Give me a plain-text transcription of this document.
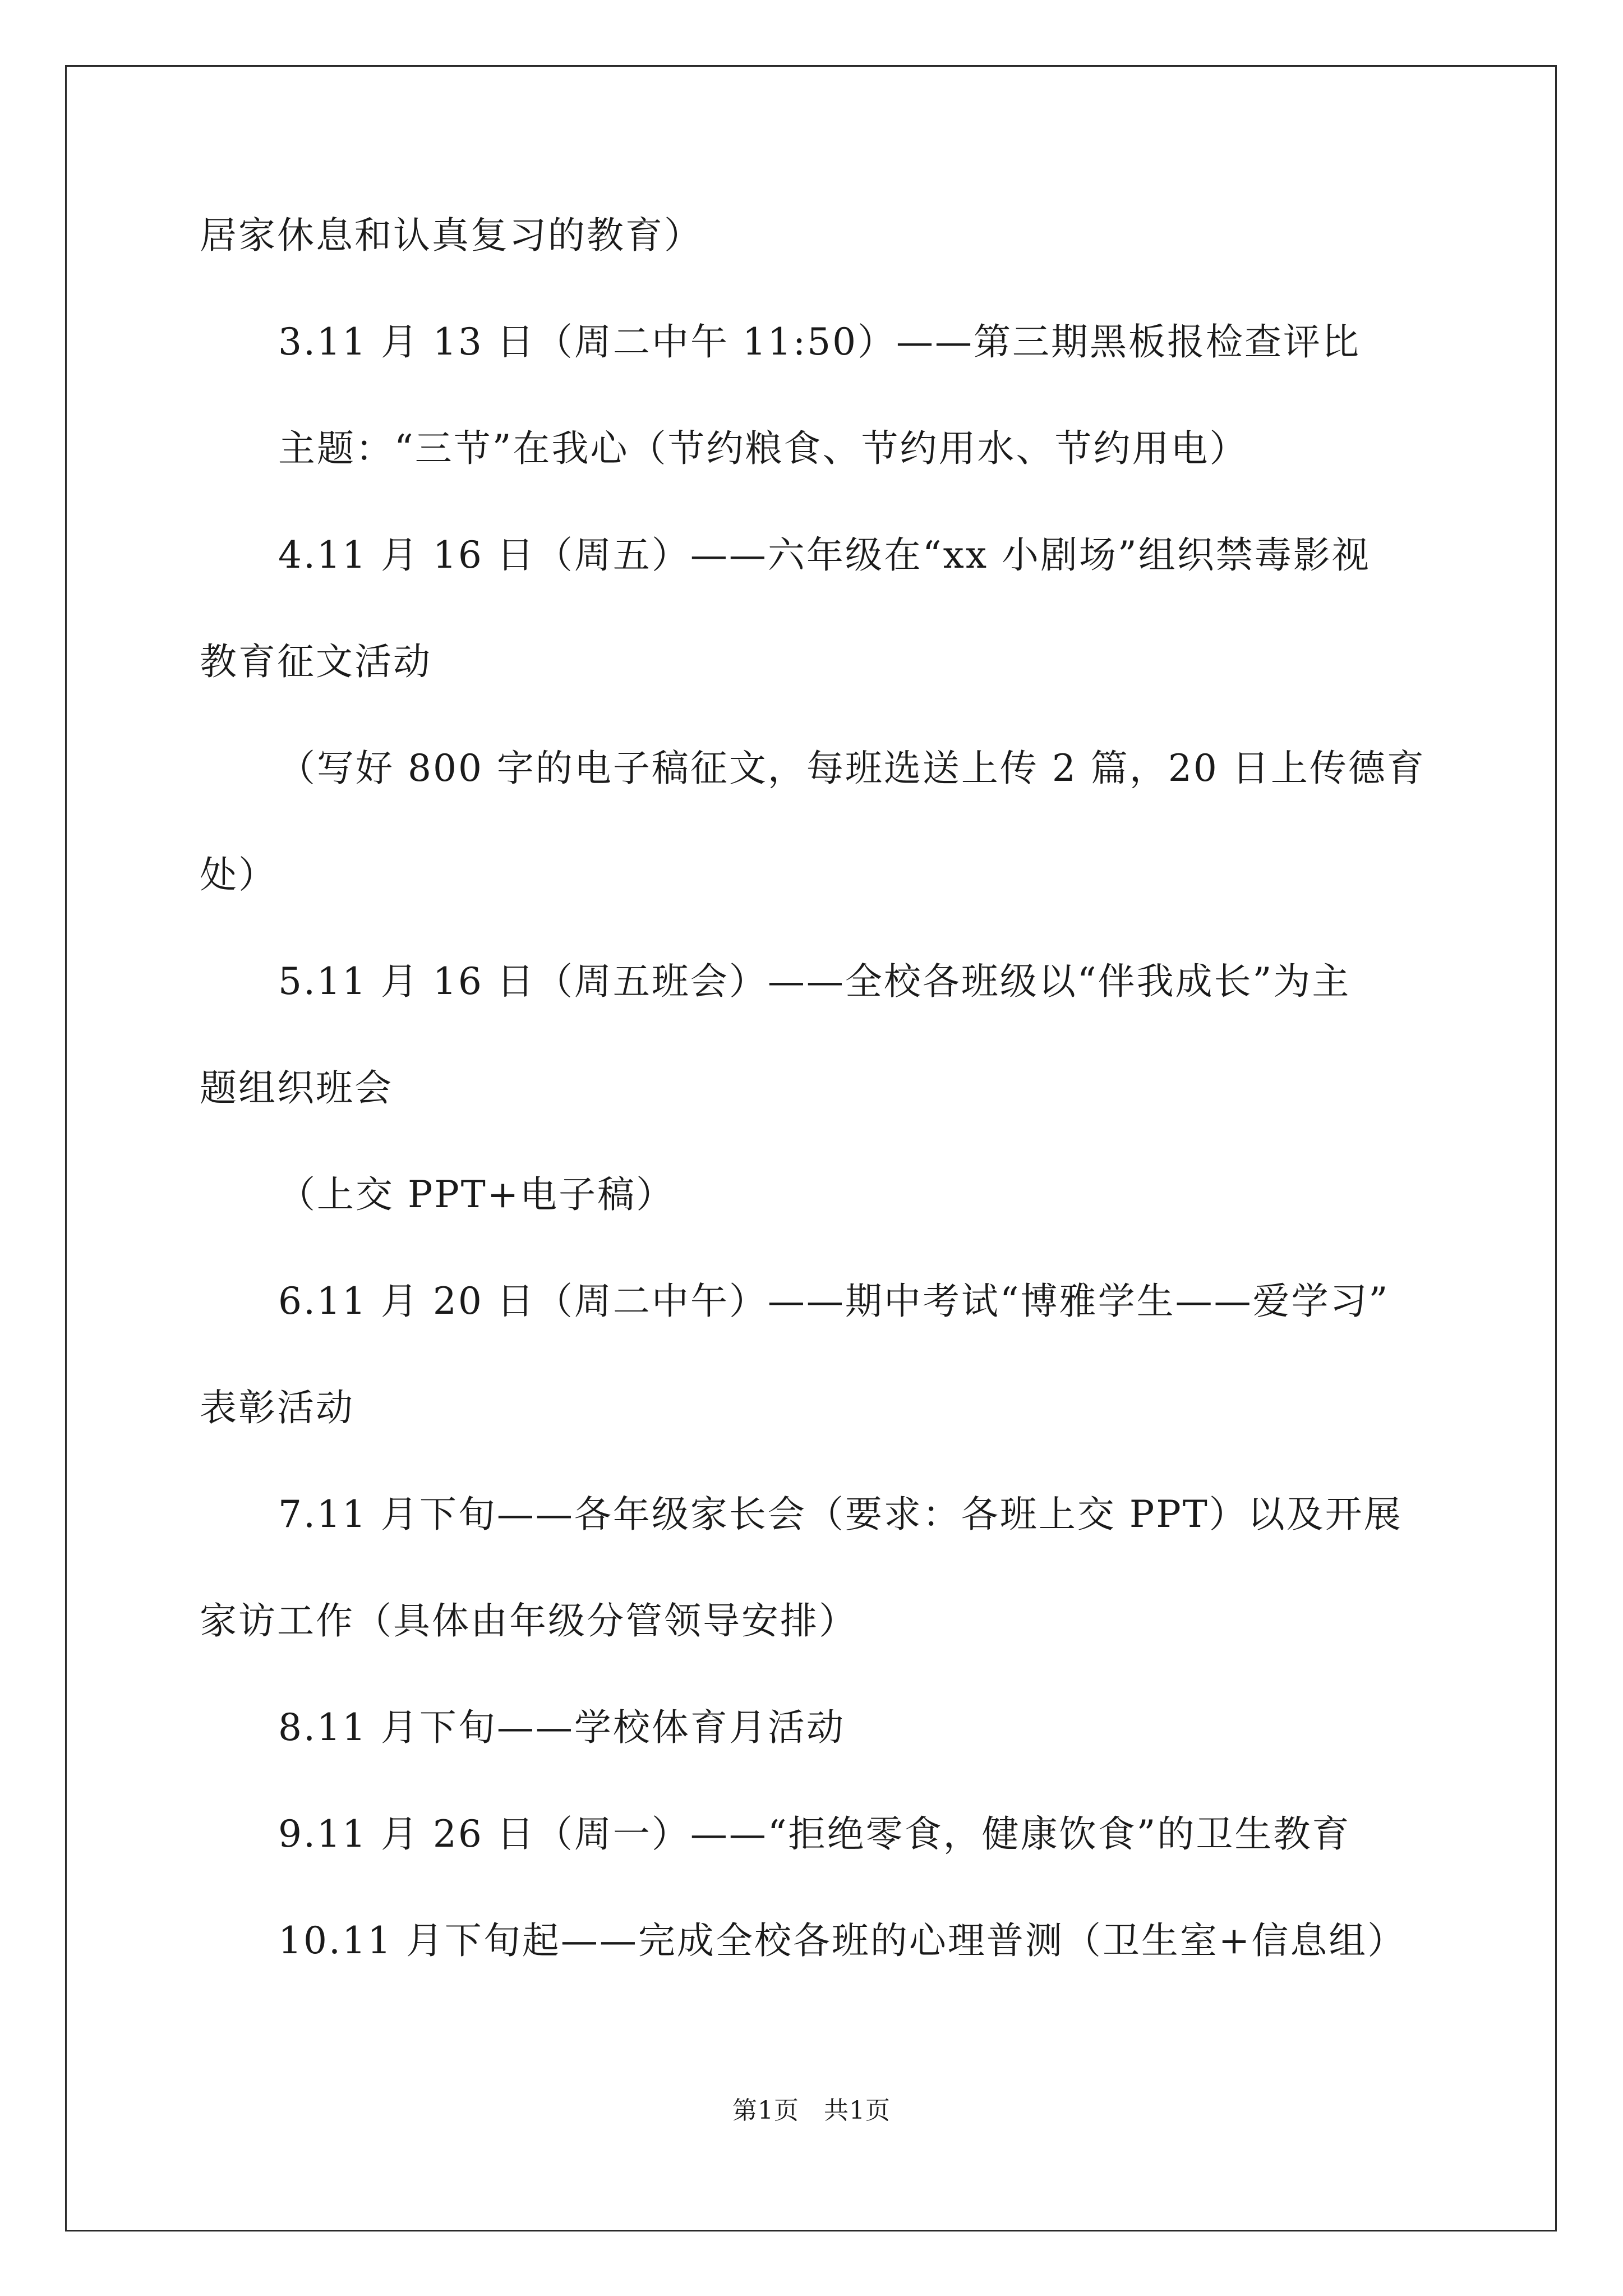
居家休息和认真复习的教育）

3.11 月 13 日（周二中午 11:50）——第三期黑板报检查评比

主题：“三节”在我心（节约粮食、节约用水、节约用电）

4.11 月 16 日（周五）——六年级在“xx 小剧场”组织禁毒影视
教育征文活动

（写好 800 字的电子稿征文，每班选送上传 2 篇，20 日上传德育
处）

5.11 月 16 日（周五班会）——全校各班级以“伴我成长”为主
题组织班会

（上交 PPT+电子稿）

6.11 月 20 日（周二中午）——期中考试“博雅学生——爱学习”
表彰活动

7.11 月下旬——各年级家长会（要求：各班上交 PPT）以及开展
家访工作（具体由年级分管领导安排）

8.11 月下旬——学校体育月活动

9.11 月 26 日（周一）——“拒绝零食，健康饮食”的卫生教育

10.11 月下旬起——完成全校各班的心理普测（卫生室+信息组）

第1页 共1页
